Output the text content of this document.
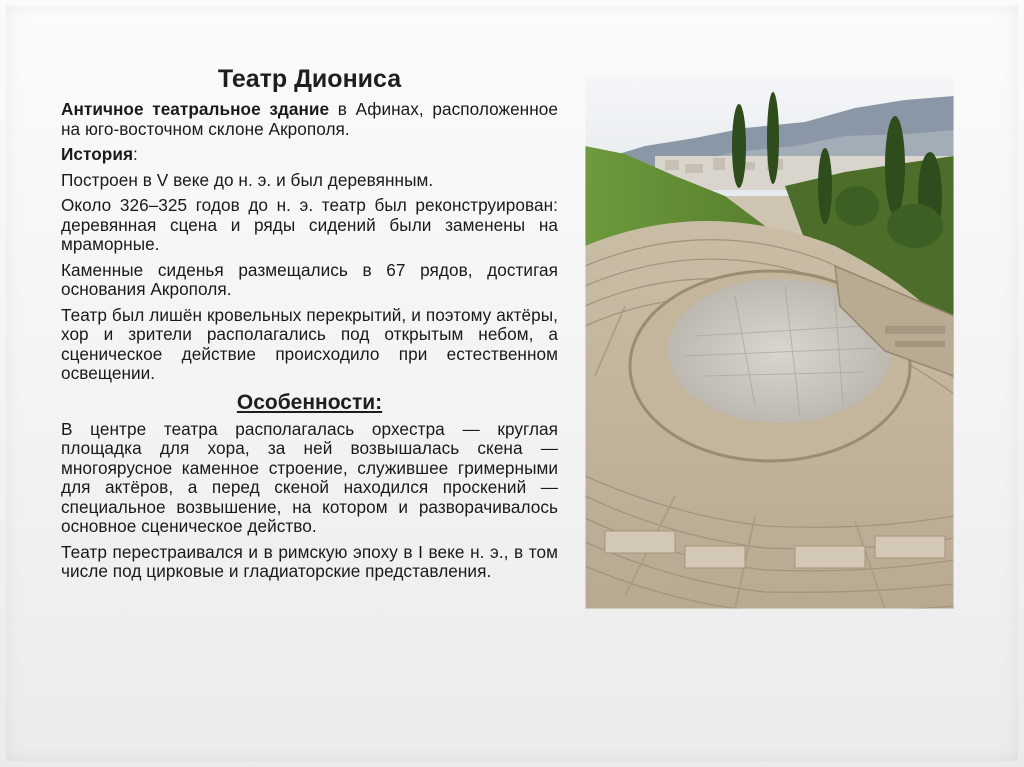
Театр Диониса

Античное театральное здание в Афинах, расположенное на юго-восточном склоне Акрополя.

История:

Построен в V веке до н. э. и был деревянным.

Около 326–325 годов до н. э. театр был реконструирован: деревянная сцена и ряды сидений были заменены на мраморные.

Каменные сиденья размещались в 67 рядов, достигая основания Акрополя.

Театр был лишён кровельных перекрытий, и поэтому актёры, хор и зрители располагались под открытым небом, а сценическое действие происходило при естественном освещении.

Особенности:

В центре театра располагалась орхестра — круглая площадка для хора, за ней возвышалась скена — многоярусное каменное строение, служившее гримерными для актёров, а перед скеной находился проскений — специальное возвышение, на котором и разворачивалось основное сценическое действо.

Театр перестраивался и в римскую эпоху в I веке н. э., в том числе под цирковые и гладиаторские представления.
